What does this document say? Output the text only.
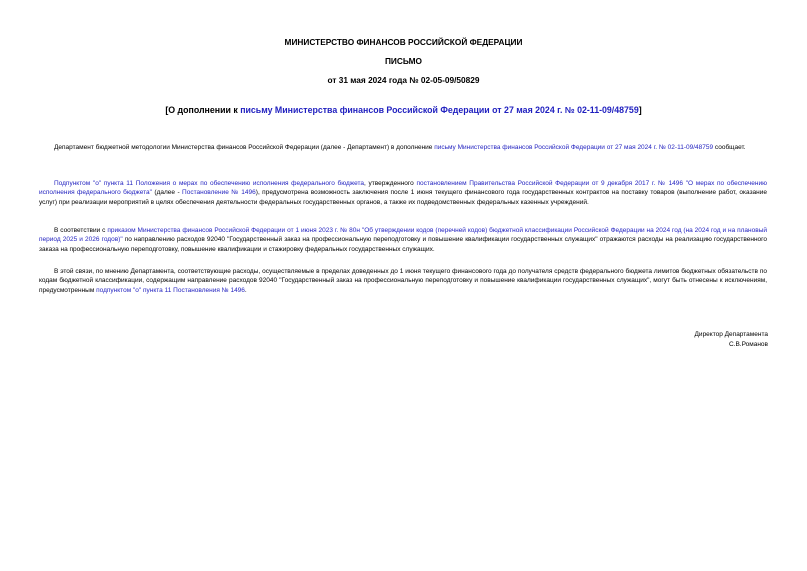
МИНИСТЕРСТВО ФИНАНСОВ РОССИЙСКОЙ ФЕДЕРАЦИИ
ПИСЬМО
от 31 мая 2024 года № 02-05-09/50829
[О дополнении к письму Министерства финансов Российской Федерации от 27 мая 2024 г. № 02-11-09/48759]

Департамент бюджетной методологии Министерства финансов Российской Федерации (далее - Департамент) в дополнение письму Министерства финансов Российской Федерации от 27 мая 2024 г. № 02-11-09/48759 сообщает.

Подпунктом "о" пункта 11 Положения о мерах по обеспечению исполнения федерального бюджета, утвержденного постановлением Правительства Российской Федерации от 9 декабря 2017 г. № 1496 "О мерах по обеспечению исполнения федерального бюджета" (далее - Постановление № 1496), предусмотрена возможность заключения после 1 июня текущего финансового года государственных контрактов на поставку товаров (выполнение работ, оказание услуг) при реализации мероприятий в целях обеспечения деятельности федеральных государственных органов, а также их подведомственных федеральных казенных учреждений.

В соответствии с приказом Министерства финансов Российской Федерации от 1 июня 2023 г. № 80н "Об утверждении кодов (перечней кодов) бюджетной классификации Российской Федерации на 2024 год (на 2024 год и на плановый период 2025 и 2026 годов)" по направлению расходов 92040 "Государственный заказ на профессиональную переподготовку и повышение квалификации государственных служащих" отражаются расходы на реализацию государственного заказа на профессиональную переподготовку, повышение квалификации и стажировку федеральных государственных служащих.

В этой связи, по мнению Департамента, соответствующие расходы, осуществляемые в пределах доведенных до 1 июня текущего финансового года до получателя средств федерального бюджета лимитов бюджетных обязательств по кодам бюджетной классификации, содержащим направление расходов 92040 "Государственный заказ на профессиональную переподготовку и повышение квалификации государственных служащих", могут быть отнесены к исключениям, предусмотренным подпунктом "о" пункта 11 Постановления № 1496.

Директор Департамента
С.В.Романов
